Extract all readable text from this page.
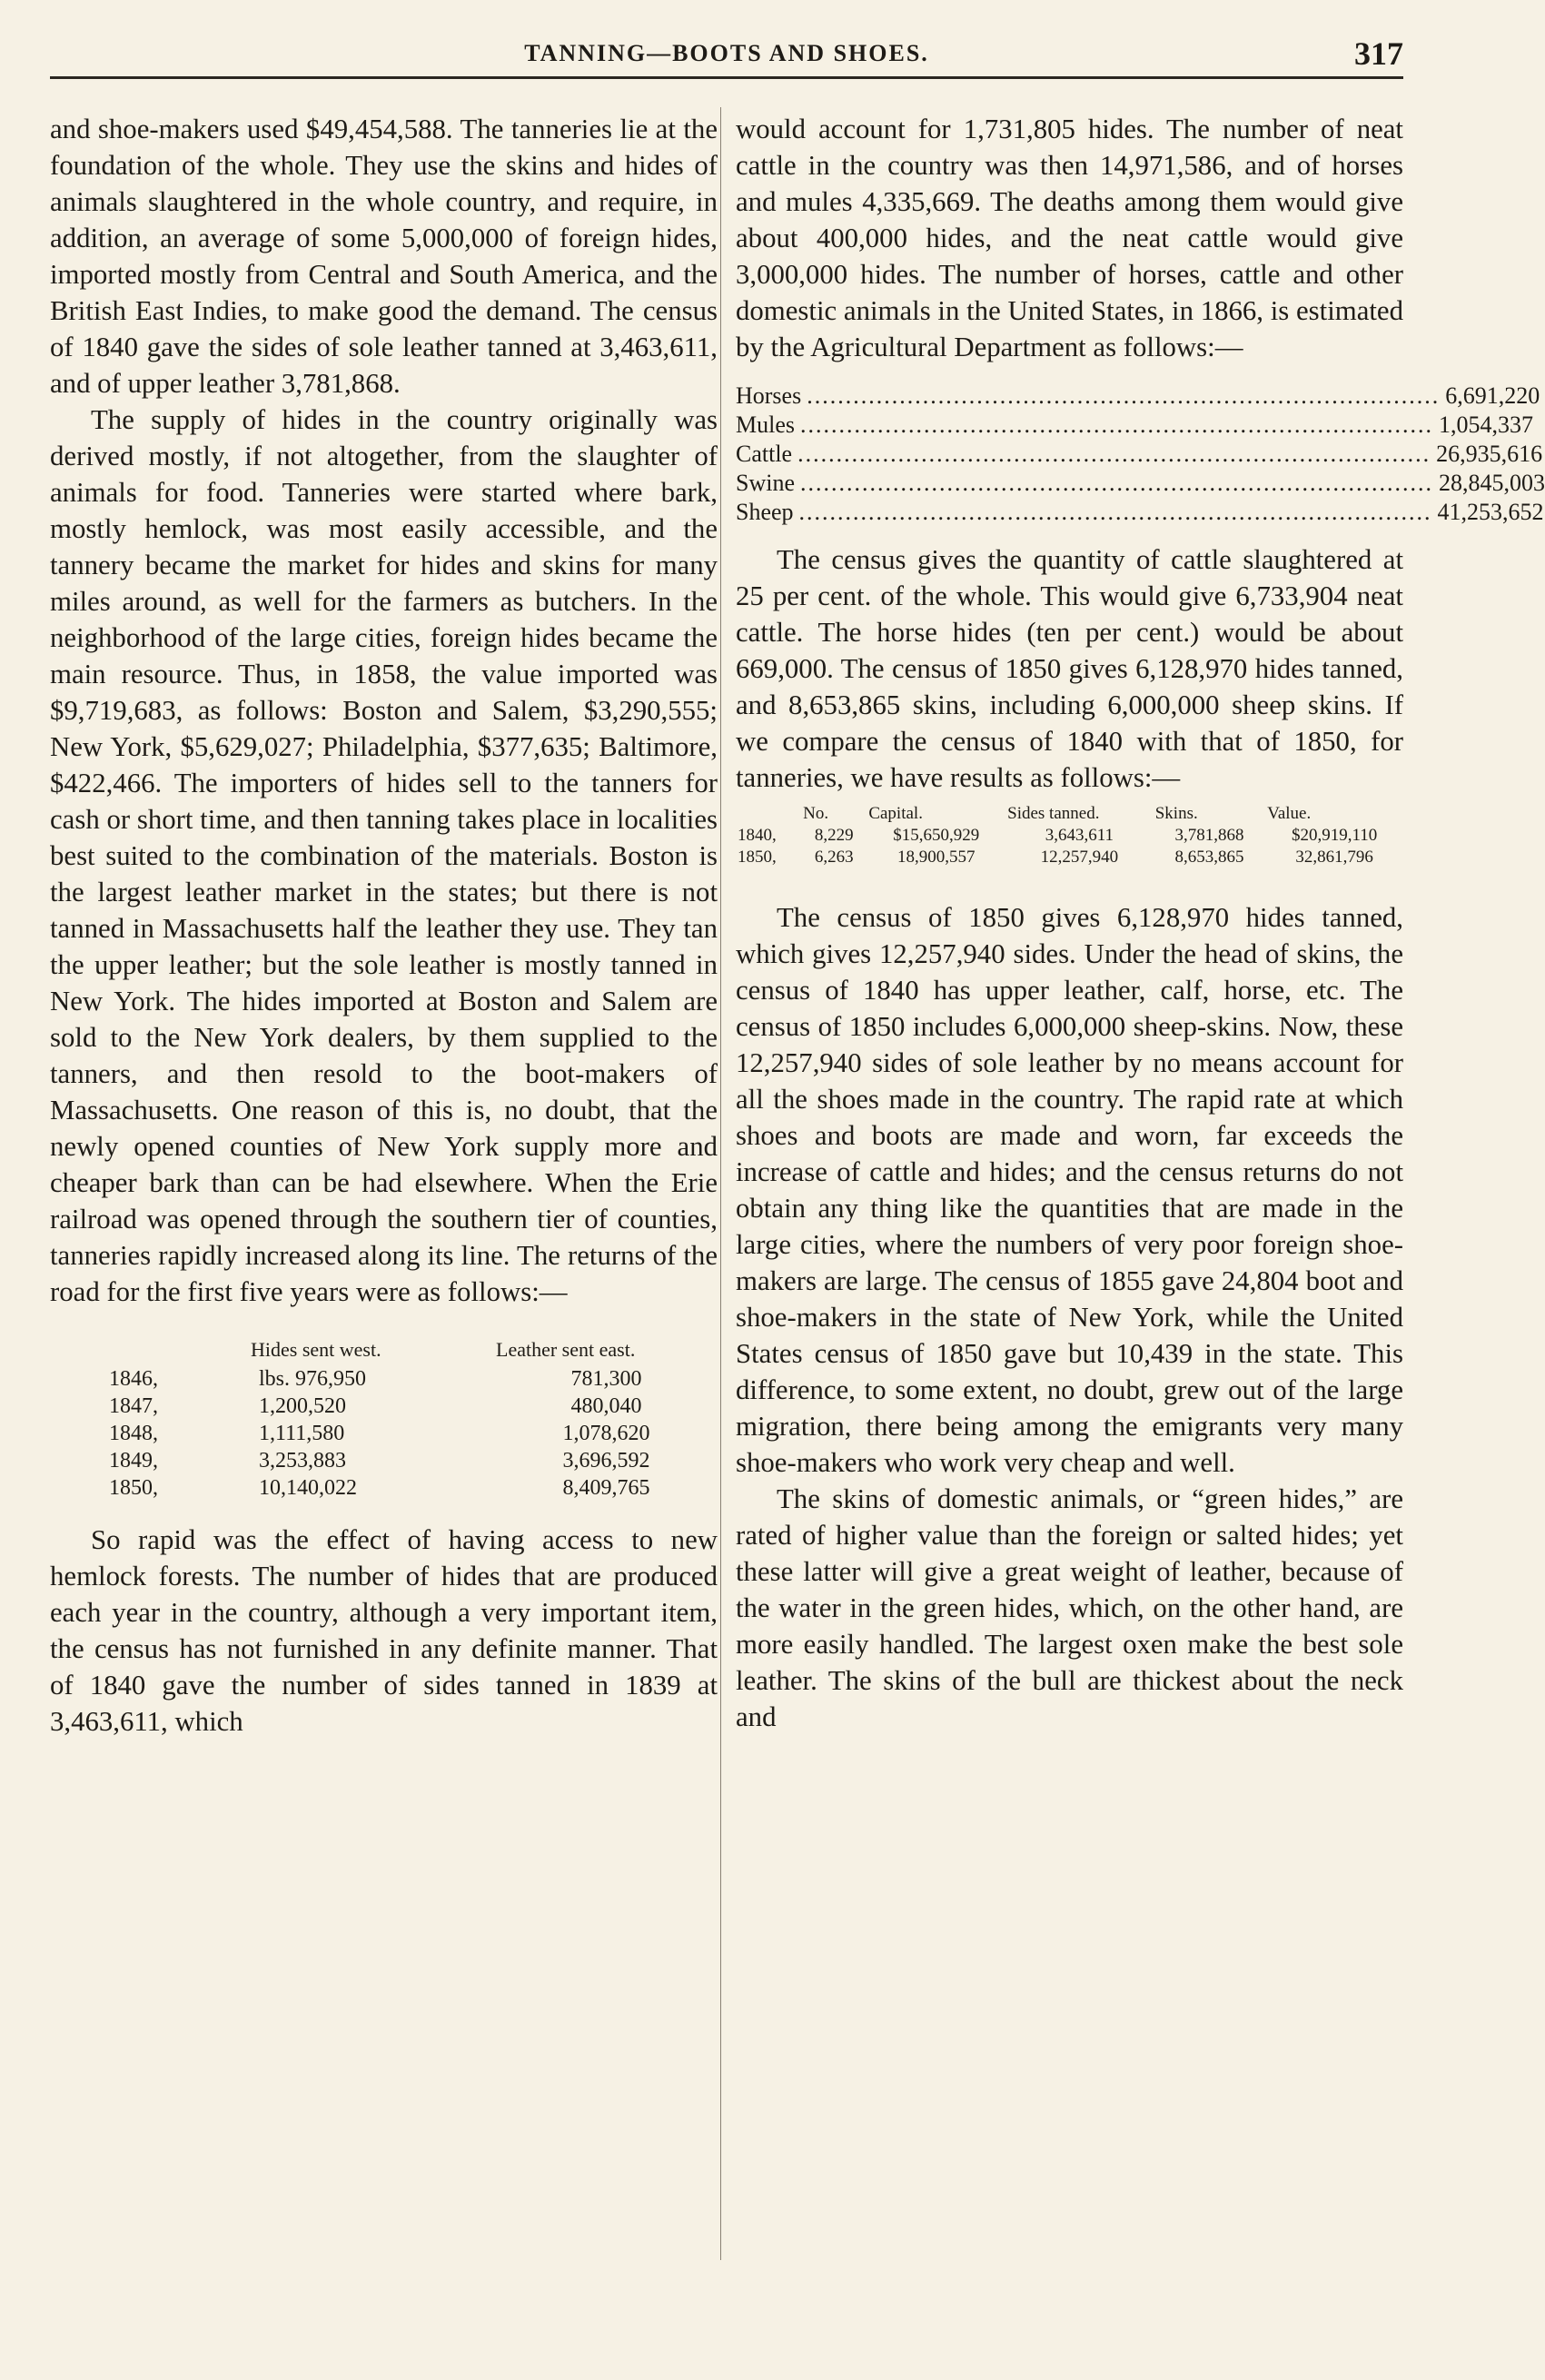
TANNING—BOOTS AND SHOES.	317

and shoe-makers used $49,454,588. The tanneries lie at the foundation of the whole. They use the skins and hides of animals slaughtered in the whole country, and require, in addition, an average of some 5,000,000 of foreign hides, imported mostly from Central and South America, and the British East Indies, to make good the demand. The census of 1840 gave the sides of sole leather tanned at 3,463,611, and of upper leather 3,781,868.

The supply of hides in the country originally was derived mostly, if not altogether, from the slaughter of animals for food. Tanneries were started where bark, mostly hemlock, was most easily accessible, and the tannery became the market for hides and skins for many miles around, as well for the farmers as butchers. In the neighborhood of the large cities, foreign hides became the main resource. Thus, in 1858, the value imported was $9,719,683, as follows: Boston and Salem, $3,290,555; New York, $5,629,027; Philadelphia, $377,635; Baltimore, $422,466. The importers of hides sell to the tanners for cash or short time, and then tanning takes place in localities best suited to the combination of the materials. Boston is the largest leather market in the states; but there is not tanned in Massachusetts half the leather they use. They tan the upper leather; but the sole leather is mostly tanned in New York. The hides imported at Boston and Salem are sold to the New York dealers, by them supplied to the tanners, and then resold to the boot-makers of Massachusetts. One reason of this is, no doubt, that the newly opened counties of New York supply more and cheaper bark than can be had elsewhere. When the Erie railroad was opened through the southern tier of counties, tanneries rapidly increased along its line. The returns of the road for the first five years were as follows:—

	Hides sent west.	Leather sent east.
1846,	lbs. 976,950	781,300
1847,	1,200,520	480,040
1848,	1,111,580	1,078,620
1849,	3,253,883	3,696,592
1850,	10,140,022	8,409,765

So rapid was the effect of having access to new hemlock forests. The number of hides that are produced each year in the country, although a very important item, the census has not furnished in any definite manner. That of 1840 gave the number of sides tanned in 1839 at 3,463,611, which

would account for 1,731,805 hides. The number of neat cattle in the country was then 14,971,586, and of horses and mules 4,335,669. The deaths among them would give about 400,000 hides, and the neat cattle would give 3,000,000 hides. The number of horses, cattle and other domestic animals in the United States, in 1866, is estimated by the Agricultural Department as follows:—

Horses .................................................................................. 6,691,220
Mules .................................................................................. 1,054,337
Cattle .................................................................................. 26,935,616
Swine .................................................................................. 28,845,003
Sheep .................................................................................. 41,253,652

The census gives the quantity of cattle slaughtered at 25 per cent. of the whole. This would give 6,733,904 neat cattle. The horse hides (ten per cent.) would be about 669,000. The census of 1850 gives 6,128,970 hides tanned, and 8,653,865 skins, including 6,000,000 sheep skins. If we compare the census of 1840 with that of 1850, for tanneries, we have results as follows:—

	No.	Capital.	Sides tanned.	Skins.	Value.
1840,	8,229	$15,650,929	3,643,611	3,781,868	$20,919,110
1850,	6,263	18,900,557	12,257,940	8,653,865	32,861,796

The census of 1850 gives 6,128,970 hides tanned, which gives 12,257,940 sides. Under the head of skins, the census of 1840 has upper leather, calf, horse, etc. The census of 1850 includes 6,000,000 sheep-skins. Now, these 12,257,940 sides of sole leather by no means account for all the shoes made in the country. The rapid rate at which shoes and boots are made and worn, far exceeds the increase of cattle and hides; and the census returns do not obtain any thing like the quantities that are made in the large cities, where the numbers of very poor foreign shoe-makers are large. The census of 1855 gave 24,804 boot and shoe-makers in the state of New York, while the United States census of 1850 gave but 10,439 in the state. This difference, to some extent, no doubt, grew out of the large migration, there being among the emigrants very many shoe-makers who work very cheap and well.

The skins of domestic animals, or “green hides,” are rated of higher value than the foreign or salted hides; yet these latter will give a great weight of leather, because of the water in the green hides, which, on the other hand, are more easily handled. The largest oxen make the best sole leather. The skins of the bull are thickest about the neck and
